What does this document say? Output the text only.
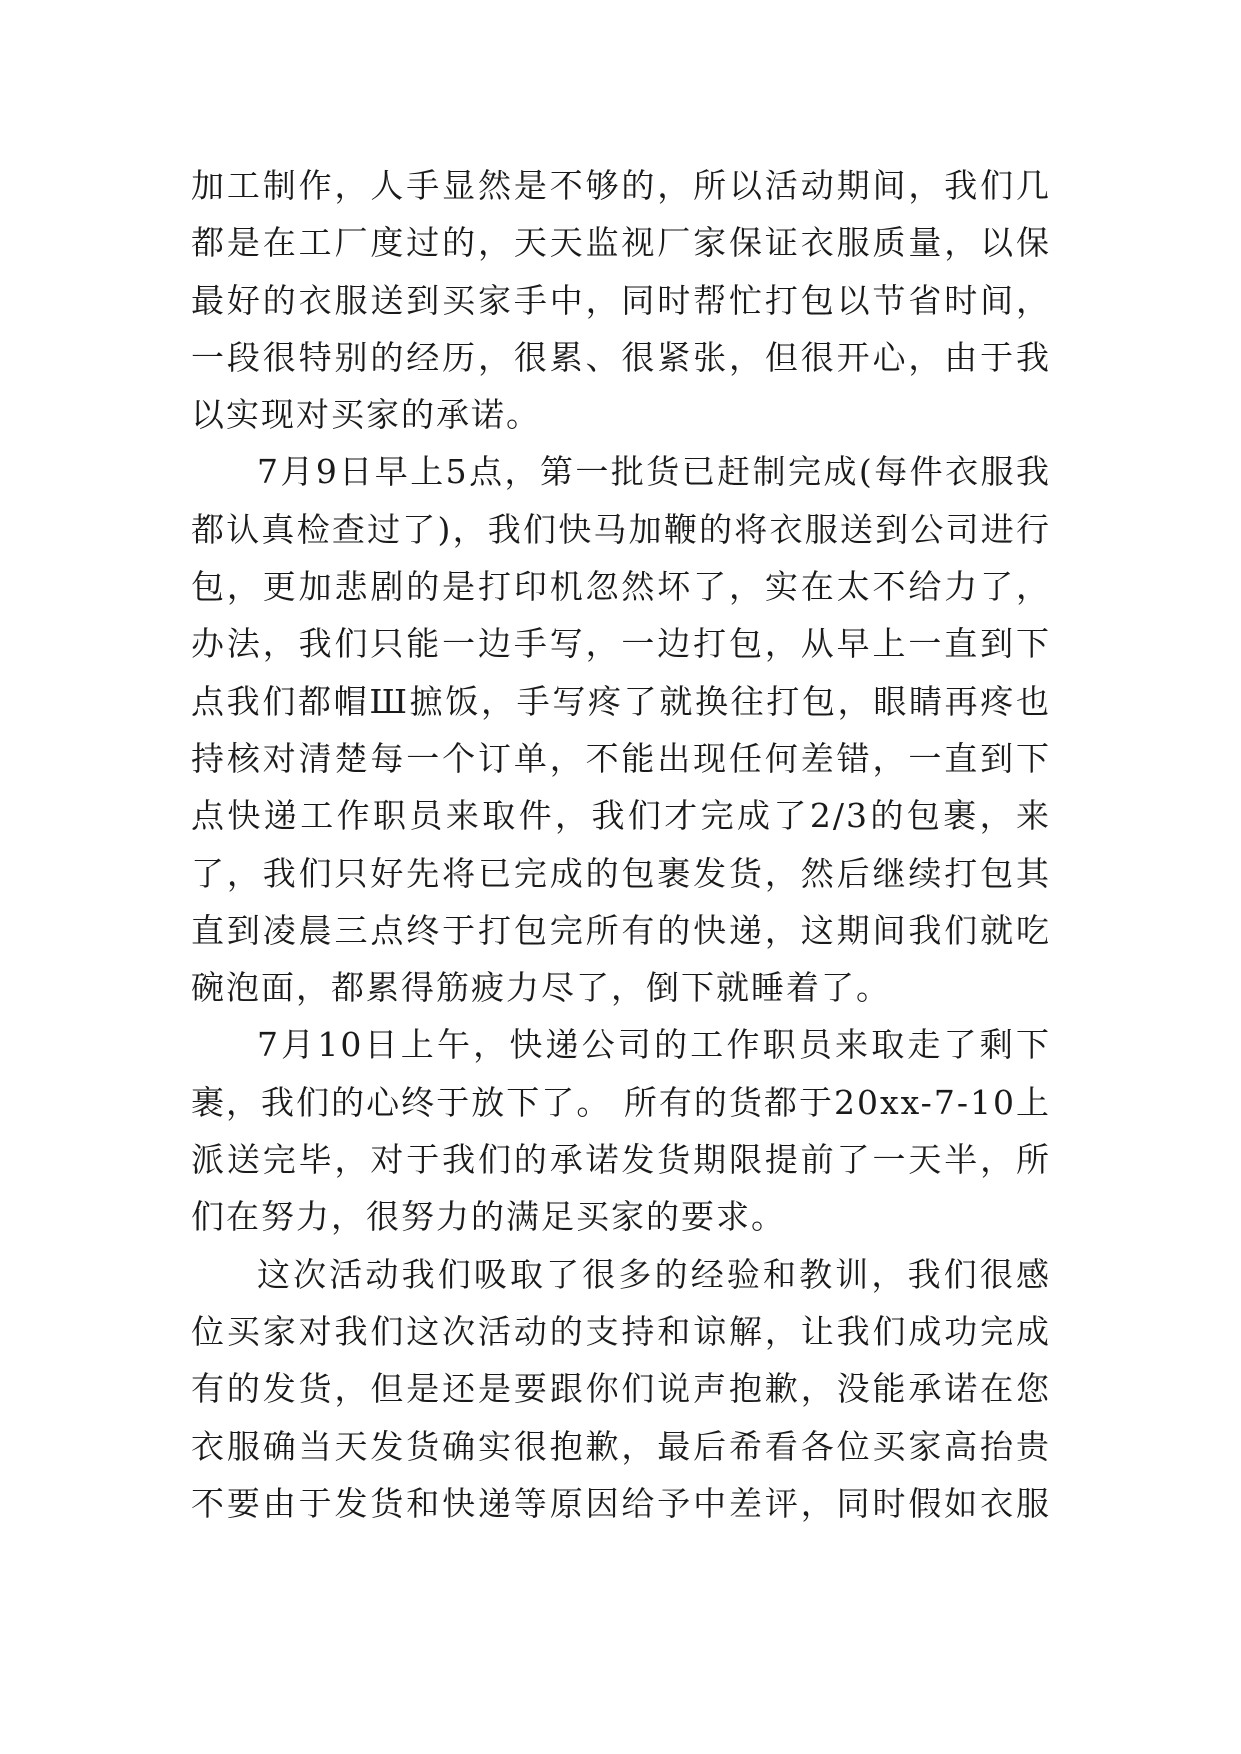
加工制作，人手显然是不够的，所以活动期间，我们几
都是在工厂度过的，天天监视厂家保证衣服质量，以保
最好的衣服送到买家手中，同时帮忙打包以节省时间，
一段很特别的经历，很累、很紧张，但很开心，由于我
以实现对买家的承诺。
7月9日早上5点，第一批货已赶制完成(每件衣服我
都认真检查过了)，我们快马加鞭的将衣服送到公司进行
包，更加悲剧的是打印机忽然坏了，实在太不给力了，
办法，我们只能一边手写，一边打包，从早上一直到下
点我们都帽Ш摭饭，手写疼了就换往打包，眼睛再疼也
持核对清楚每一个订单，不能出现任何差错，一直到下
点快递工作职员来取件，我们才完成了2/3的包裹，来
了，我们只好先将已完成的包裹发货，然后继续打包其
直到凌晨三点终于打包完所有的快递，这期间我们就吃
碗泡面，都累得筋疲力尽了，倒下就睡着了。
7月10日上午，快递公司的工作职员来取走了剩下
裹，我们的心终于放下了。 所有的货都于20xx-7-10上
派送完毕，对于我们的承诺发货期限提前了一天半，所
们在努力，很努力的满足买家的要求。
这次活动我们吸取了很多的经验和教训，我们很感
位买家对我们这次活动的支持和谅解，让我们成功完成
有的发货，但是还是要跟你们说声抱歉，没能承诺在您
衣服确当天发货确实很抱歉，最后希看各位买家高抬贵
不要由于发货和快递等原因给予中差评，同时假如衣服
